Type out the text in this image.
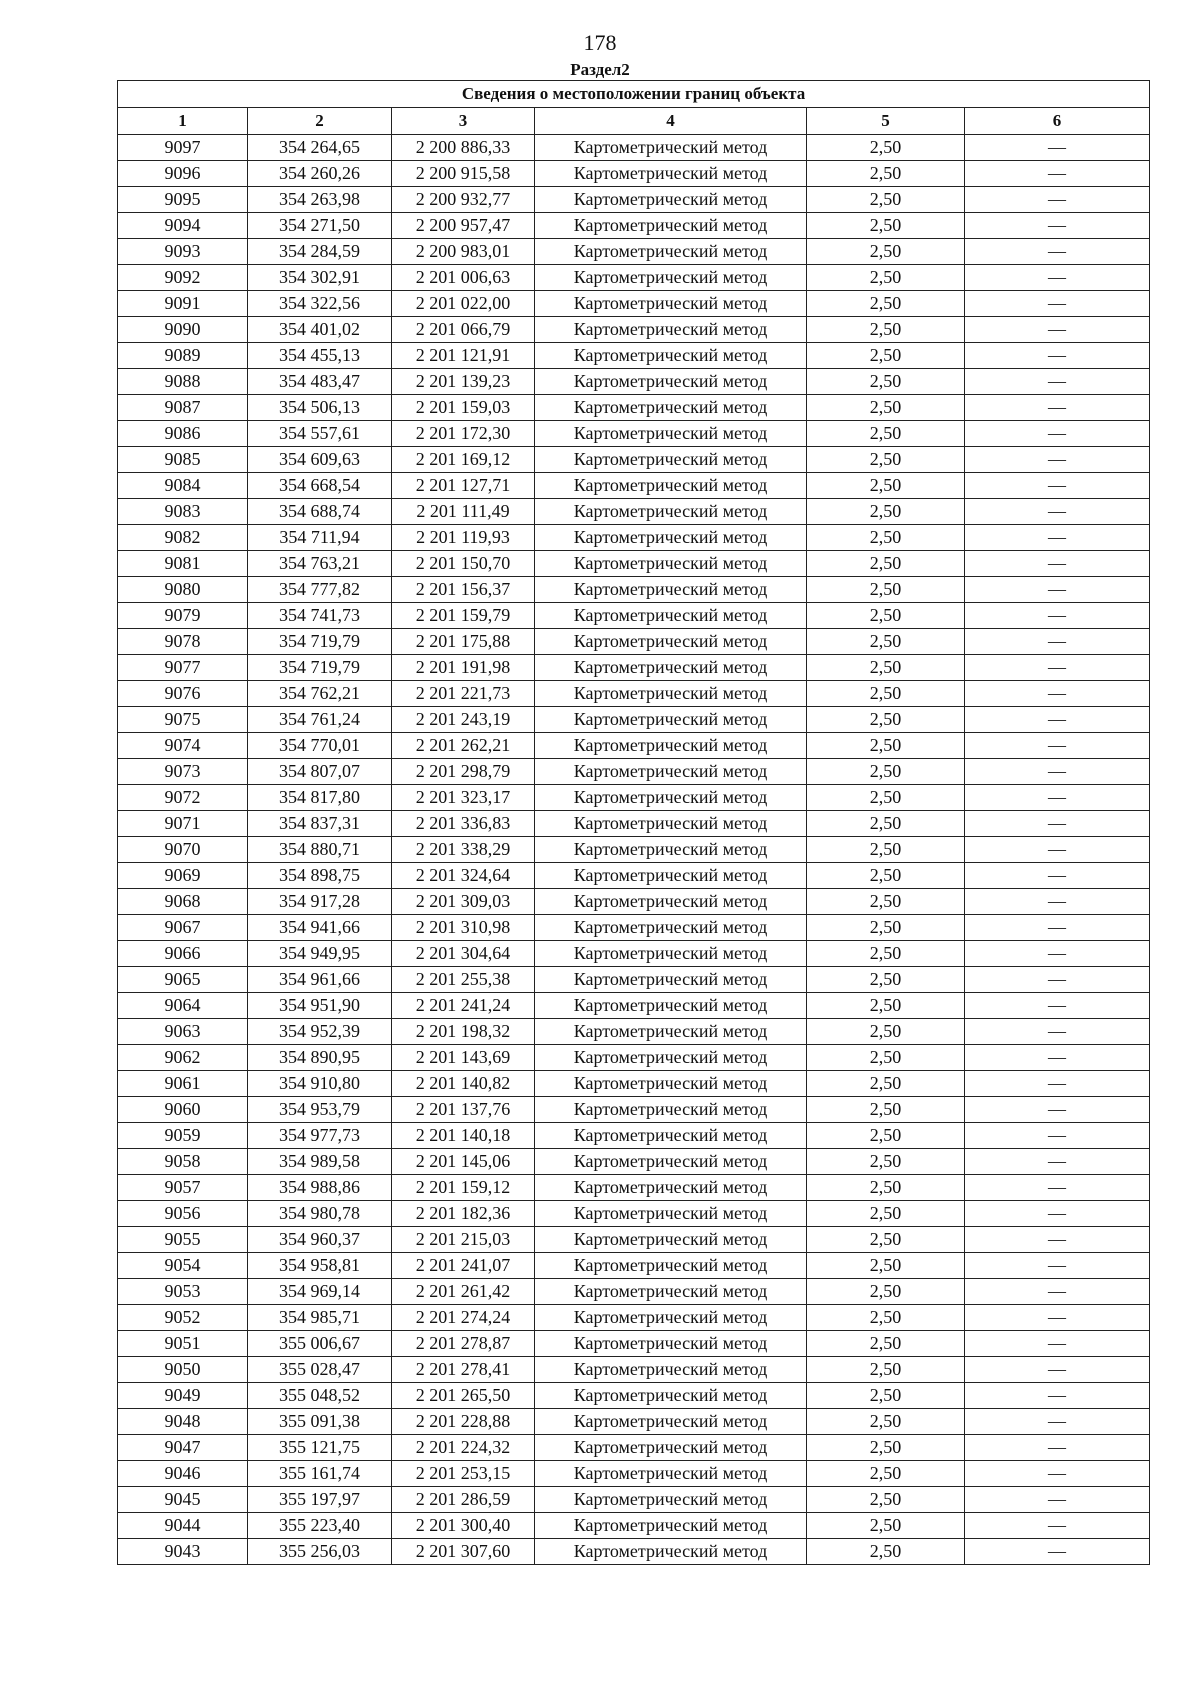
178
Раздел2
Сведения о местоположении границ объекта					
1	2	3	4	5	6
9097	354 264,65	2 200 886,33	Картометрический метод	2,50	—
9096	354 260,26	2 200 915,58	Картометрический метод	2,50	—
9095	354 263,98	2 200 932,77	Картометрический метод	2,50	—
9094	354 271,50	2 200 957,47	Картометрический метод	2,50	—
9093	354 284,59	2 200 983,01	Картометрический метод	2,50	—
9092	354 302,91	2 201 006,63	Картометрический метод	2,50	—
9091	354 322,56	2 201 022,00	Картометрический метод	2,50	—
9090	354 401,02	2 201 066,79	Картометрический метод	2,50	—
9089	354 455,13	2 201 121,91	Картометрический метод	2,50	—
9088	354 483,47	2 201 139,23	Картометрический метод	2,50	—
9087	354 506,13	2 201 159,03	Картометрический метод	2,50	—
9086	354 557,61	2 201 172,30	Картометрический метод	2,50	—
9085	354 609,63	2 201 169,12	Картометрический метод	2,50	—
9084	354 668,54	2 201 127,71	Картометрический метод	2,50	—
9083	354 688,74	2 201 111,49	Картометрический метод	2,50	—
9082	354 711,94	2 201 119,93	Картометрический метод	2,50	—
9081	354 763,21	2 201 150,70	Картометрический метод	2,50	—
9080	354 777,82	2 201 156,37	Картометрический метод	2,50	—
9079	354 741,73	2 201 159,79	Картометрический метод	2,50	—
9078	354 719,79	2 201 175,88	Картометрический метод	2,50	—
9077	354 719,79	2 201 191,98	Картометрический метод	2,50	—
9076	354 762,21	2 201 221,73	Картометрический метод	2,50	—
9075	354 761,24	2 201 243,19	Картометрический метод	2,50	—
9074	354 770,01	2 201 262,21	Картометрический метод	2,50	—
9073	354 807,07	2 201 298,79	Картометрический метод	2,50	—
9072	354 817,80	2 201 323,17	Картометрический метод	2,50	—
9071	354 837,31	2 201 336,83	Картометрический метод	2,50	—
9070	354 880,71	2 201 338,29	Картометрический метод	2,50	—
9069	354 898,75	2 201 324,64	Картометрический метод	2,50	—
9068	354 917,28	2 201 309,03	Картометрический метод	2,50	—
9067	354 941,66	2 201 310,98	Картометрический метод	2,50	—
9066	354 949,95	2 201 304,64	Картометрический метод	2,50	—
9065	354 961,66	2 201 255,38	Картометрический метод	2,50	—
9064	354 951,90	2 201 241,24	Картометрический метод	2,50	—
9063	354 952,39	2 201 198,32	Картометрический метод	2,50	—
9062	354 890,95	2 201 143,69	Картометрический метод	2,50	—
9061	354 910,80	2 201 140,82	Картометрический метод	2,50	—
9060	354 953,79	2 201 137,76	Картометрический метод	2,50	—
9059	354 977,73	2 201 140,18	Картометрический метод	2,50	—
9058	354 989,58	2 201 145,06	Картометрический метод	2,50	—
9057	354 988,86	2 201 159,12	Картометрический метод	2,50	—
9056	354 980,78	2 201 182,36	Картометрический метод	2,50	—
9055	354 960,37	2 201 215,03	Картометрический метод	2,50	—
9054	354 958,81	2 201 241,07	Картометрический метод	2,50	—
9053	354 969,14	2 201 261,42	Картометрический метод	2,50	—
9052	354 985,71	2 201 274,24	Картометрический метод	2,50	—
9051	355 006,67	2 201 278,87	Картометрический метод	2,50	—
9050	355 028,47	2 201 278,41	Картометрический метод	2,50	—
9049	355 048,52	2 201 265,50	Картометрический метод	2,50	—
9048	355 091,38	2 201 228,88	Картометрический метод	2,50	—
9047	355 121,75	2 201 224,32	Картометрический метод	2,50	—
9046	355 161,74	2 201 253,15	Картометрический метод	2,50	—
9045	355 197,97	2 201 286,59	Картометрический метод	2,50	—
9044	355 223,40	2 201 300,40	Картометрический метод	2,50	—
9043	355 256,03	2 201 307,60	Картометрический метод	2,50	—
